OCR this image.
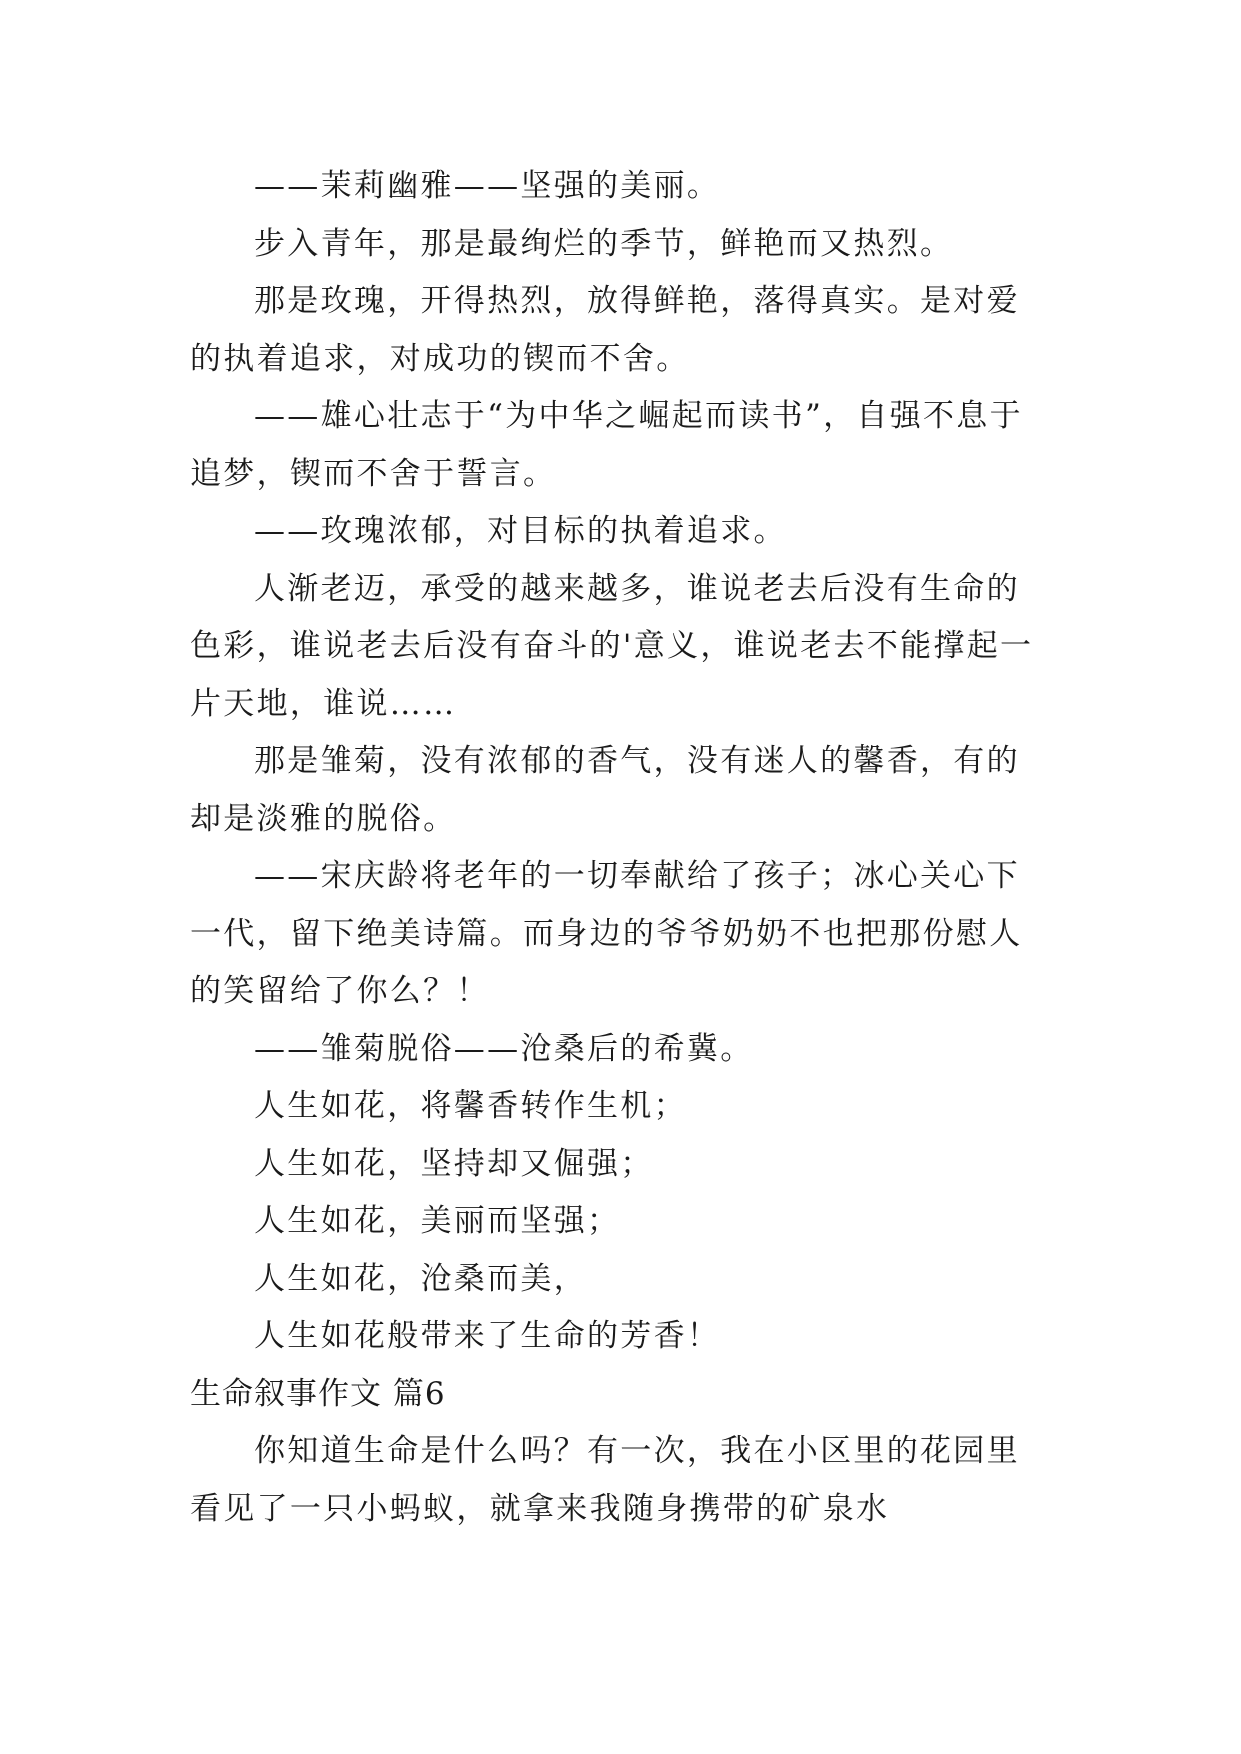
——茉莉幽雅——坚强的美丽。

步入青年，那是最绚烂的季节，鲜艳而又热烈。

那是玫瑰，开得热烈，放得鲜艳，落得真实。是对爱的执着追求，对成功的锲而不舍。

——雄心壮志于“为中华之崛起而读书”，自强不息于追梦，锲而不舍于誓言。

——玫瑰浓郁，对目标的执着追求。

人渐老迈，承受的越来越多，谁说老去后没有生命的色彩，谁说老去后没有奋斗的'意义，谁说老去不能撑起一片天地，谁说……

那是雏菊，没有浓郁的香气，没有迷人的馨香，有的却是淡雅的脱俗。

——宋庆龄将老年的一切奉献给了孩子；冰心关心下一代，留下绝美诗篇。而身边的爷爷奶奶不也把那份慰人的笑留给了你么？！

——雏菊脱俗——沧桑后的希冀。

人生如花，将馨香转作生机；

人生如花，坚持却又倔强；

人生如花，美丽而坚强；

人生如花，沧桑而美，

人生如花般带来了生命的芳香！

生命叙事作文 篇6

你知道生命是什么吗？有一次，我在小区里的花园里看见了一只小蚂蚁，就拿来我随身携带的矿泉水
